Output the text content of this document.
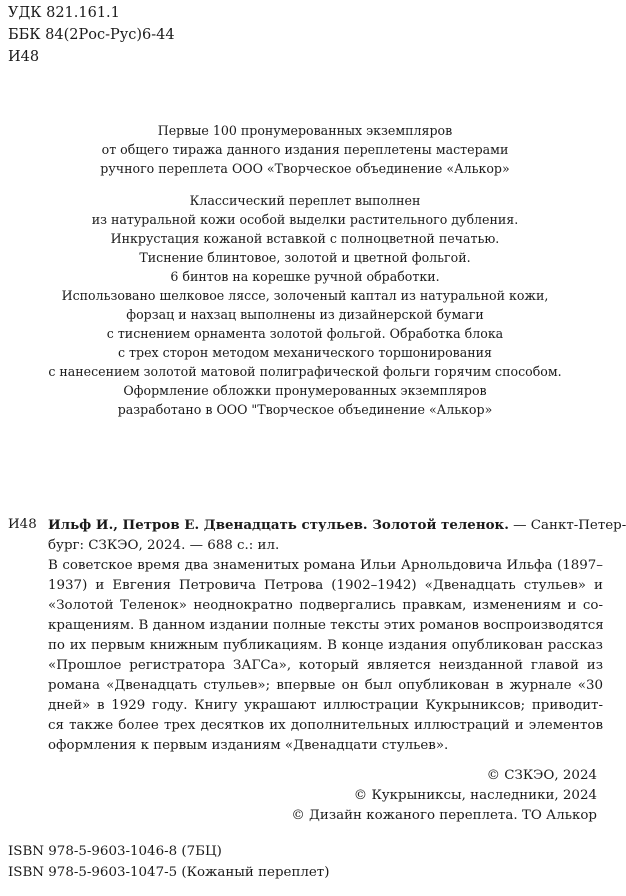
УДК 821.161.1
ББК 84(2Рос-Рус)6-44
И48
Первые 100 пронумерованных экземпляров
от общего тиража данного издания переплетены мастерами
ручного переплета ООО «Творческое объединение «Алькор»
Классический переплет выполнен
из натуральной кожи особой выделки растительного дубления.
Инкрустация кожаной вставкой с полноцветной печатью.
Тиснение блинтовое, золотой и цветной фольгой.
6 бинтов на корешке ручной обработки.
Использовано шелковое ляссе, золоченый каптал из натуральной кожи,
форзац и нахзац выполнены из дизайнерской бумаги
с тиснением орнамента золотой фольгой. Обработка блока
с трех сторон методом механического торшонирования
с нанесением золотой матовой полиграфической фольги горячим способом.
Оформление обложки пронумерованных экземпляров
разработано в ООО "Творческое объединение «Алькор»
И48 Ильф И., Петров Е. Двенадцать стульев. Золотой теленок. — Санкт-Петер-
бург: СЗКЭО, 2024. — 688 с.: ил.
В советское время два знаменитых романа Ильи Арнольдовича Ильфа (1897–
1937) и Евгения Петровича Петрова (1902–1942) «Двенадцать стульев» и
«Золотой Теленок» неоднократно подвергались правкам, изменениям и со-
кращениям. В данном издании полные тексты этих романов воспроизводятся
по их первым книжным публикациям. В конце издания опубликован рассказ
«Прошлое регистратора ЗАГСа», который является неизданной главой из
романа «Двенадцать стульев»; впервые он был опубликован в журнале «30
дней» в 1929 году. Книгу украшают иллюстрации Кукрыниксов; приводит-
ся также более трех десятков их дополнительных иллюстраций и элементов
оформления к первым изданиям «Двенадцати стульев».
© СЗКЭО, 2024
© Кукрыниксы, наследники, 2024
© Дизайн кожаного переплета. ТО Алькор
ISBN 978-5-9603-1046-8 (7БЦ)
ISBN 978-5-9603-1047-5 (Кожаный переплет)
